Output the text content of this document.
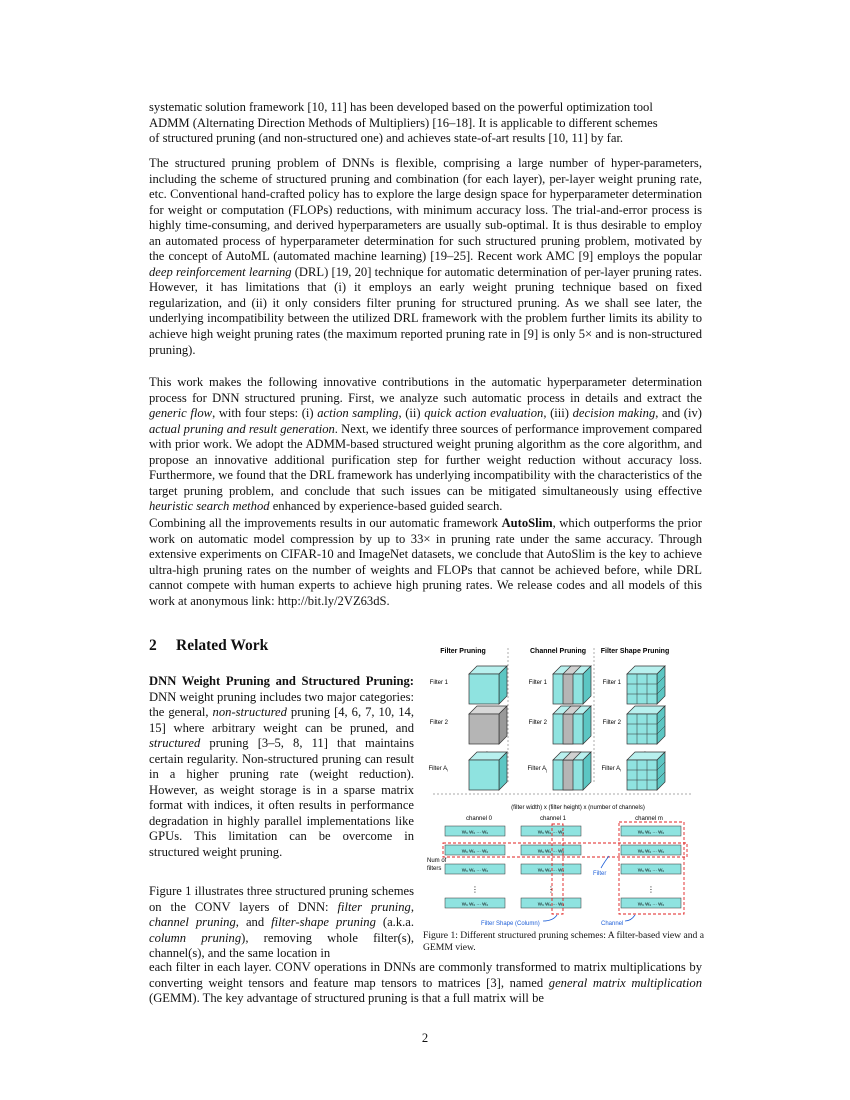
systematic solution framework [10, 11] has been developed based on the powerful optimization tool
ADMM (Alternating Direction Methods of Multipliers) [16–18]. It is applicable to different schemes
of structured pruning (and non-structured one) and achieves state-of-art results [10, 11] by far.

The structured pruning problem of DNNs is flexible, comprising a large number of hyper-parameters, including the scheme of structured pruning and combination (for each layer), per-layer weight pruning rate, etc. Conventional hand-crafted policy has to explore the large design space for hyperparameter determination for weight or computation (FLOPs) reductions, with minimum accuracy loss. The trial-and-error process is highly time-consuming, and derived hyperparameters are usually sub-optimal. It is thus desirable to employ an automated process of hyperparameter determination for such structured pruning problem, motivated by the concept of AutoML (automated machine learning) [19–25]. Recent work AMC [9] employs the popular deep reinforcement learning (DRL) [19, 20] technique for automatic determination of per-layer pruning rates. However, it has limitations that (i) it employs an early weight pruning technique based on fixed regularization, and (ii) it only considers filter pruning for structured pruning. As we shall see later, the underlying incompatibility between the utilized DRL framework with the problem further limits its ability to achieve high weight pruning rates (the maximum reported pruning rate in [9] is only 5× and is non-structured pruning).

This work makes the following innovative contributions in the automatic hyperparameter determination process for DNN structured pruning. First, we analyze such automatic process in details and extract the generic flow, with four steps: (i) action sampling, (ii) quick action evaluation, (iii) decision making, and (iv) actual pruning and result generation. Next, we identify three sources of performance improvement compared with prior work. We adopt the ADMM-based structured weight pruning algorithm as the core algorithm, and propose an innovative additional purification step for further weight reduction without accuracy loss. Furthermore, we found that the DRL framework has underlying incompatibility with the characteristics of the target pruning problem, and conclude that such issues can be mitigated simultaneously using effective heuristic search method enhanced by experience-based guided search.

Combining all the improvements results in our automatic framework AutoSlim, which outperforms the prior work on automatic model compression by up to 33× in pruning rate under the same accuracy. Through extensive experiments on CIFAR-10 and ImageNet datasets, we conclude that AutoSlim is the key to achieve ultra-high pruning rates on the number of weights and FLOPs that cannot be achieved before, while DRL cannot compete with human experts to achieve high pruning rates. We release codes and all models of this work at anonymous link: http://bit.ly/2VZ63dS.

2 Related Work

DNN Weight Pruning and Structured Pruning: DNN weight pruning includes two major categories: the general, non-structured pruning [4, 6, 7, 10, 14, 15] where arbitrary weight can be pruned, and structured pruning [3–5, 8, 11] that maintains certain regularity. Non-structured pruning can result in a higher pruning rate (weight reduction). However, as weight storage is in a sparse matrix format with indices, it often results in performance degradation in highly parallel implementations like GPUs. This limitation can be overcome in structured weight pruning.

Figure 1 illustrates three structured pruning schemes on the CONV layers of DNN: filter pruning, channel pruning, and filter-shape pruning (a.k.a. column pruning), removing whole filter(s), channel(s), and the same location in

each filter in each layer. CONV operations in DNNs are commonly transformed to matrix multiplications by converting weight tensors and feature map tensors to matrices [3], named general matrix multiplication (GEMM). The key advantage of structured pruning is that a full matrix will be

Filter Pruning	Channel Pruning Filter Shape Pruning
Filter 1
Filter 2
Filter $A_i$
Filter 1
Filter 2
Filter $A_j$
Filter 1
Filter 2
Filter $A_l$
(filter width) x (filter height) x (number of channels)
channel 0	channel 1	channel m
Num of
filters
W₀ W₀ ··· W₀	W₀ W₀ ··· W₀	W₀ W₀ ··· W₀
W₀ W₀ ··· W₀	W₀ W₀ ··· W₀	W₀ W₀ ··· W₀
W₀ W₀ ··· W₀	W₀ W₀ ··· W₀	W₀ W₀ ··· W₀
W₀ W₀ ··· W₀	W₀ W₀ ··· W₀	W₀ W₀ ··· W₀
⋮	⋮	⋮
Filter
Filter Shape (Column)	Channel

Figure 1: Different structured pruning schemes: A filter-based view and a GEMM view.

2
